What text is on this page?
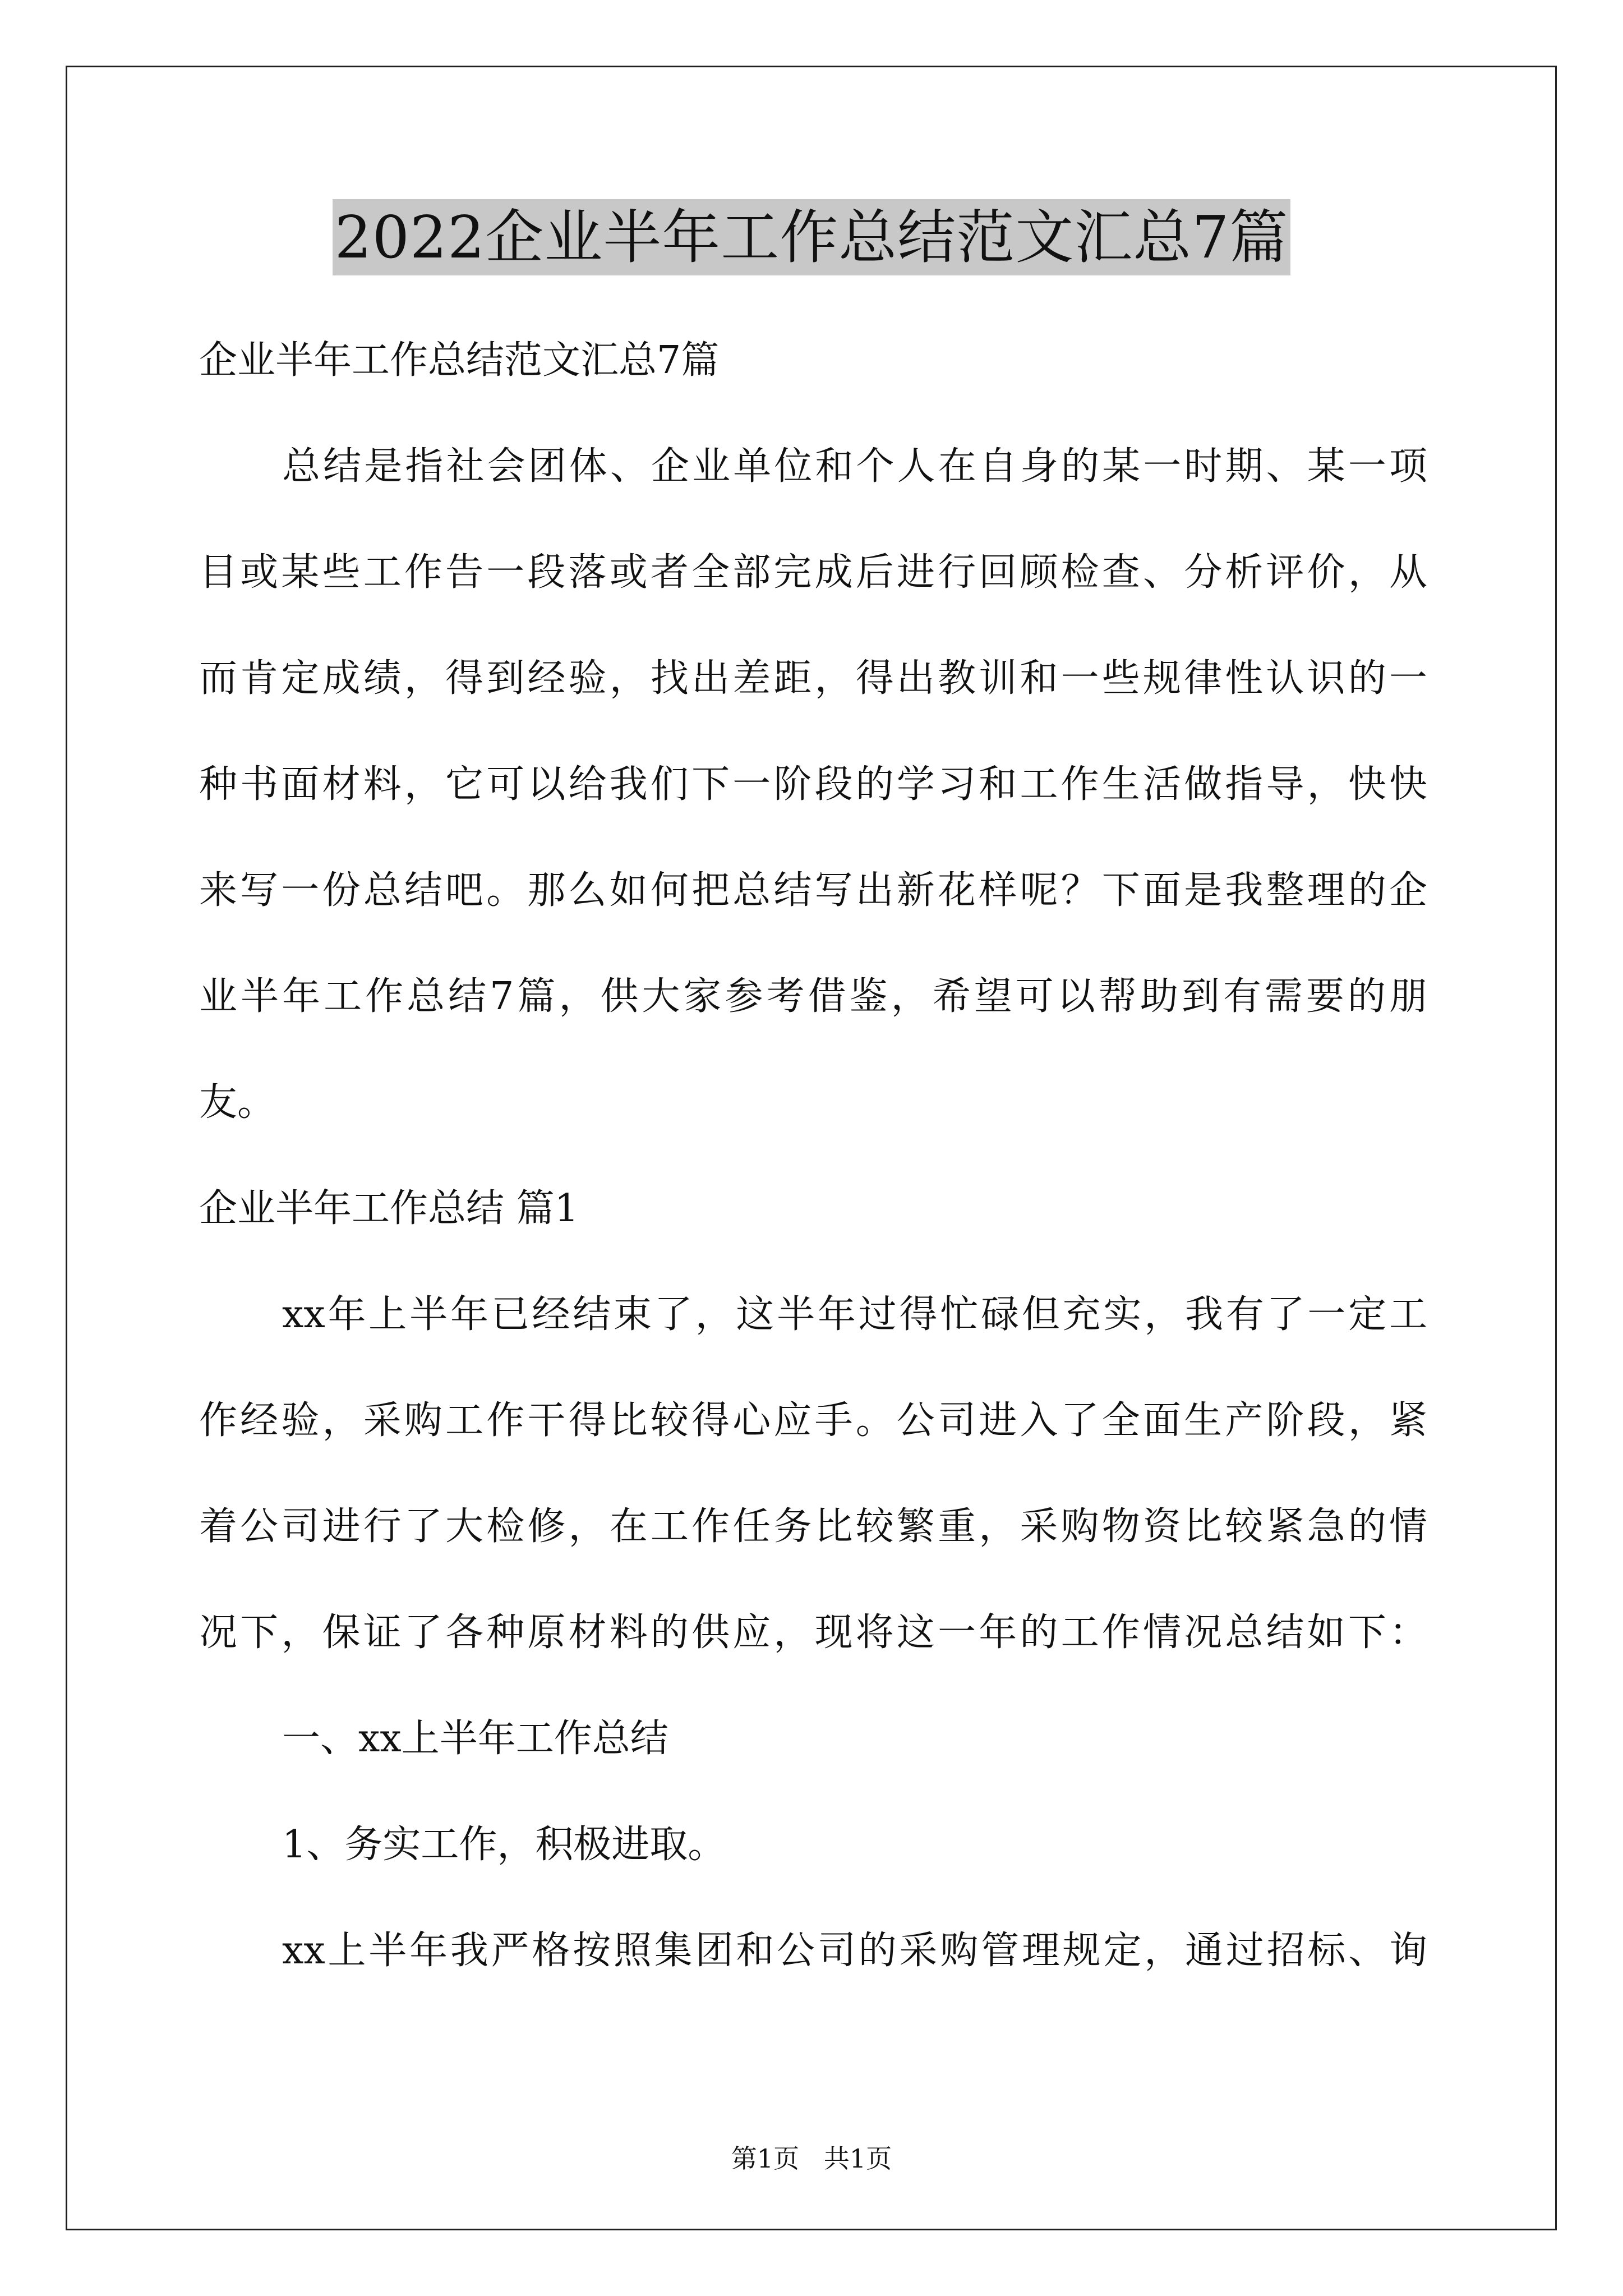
2022企业半年工作总结范文汇总7篇
企业半年工作总结范文汇总7篇
总结是指社会团体、企业单位和个人在自身的某一时期、某一项
目或某些工作告一段落或者全部完成后进行回顾检查、分析评价，从
而肯定成绩，得到经验，找出差距，得出教训和一些规律性认识的一
种书面材料，它可以给我们下一阶段的学习和工作生活做指导，快快
来写一份总结吧。那么如何把总结写出新花样呢？下面是我整理的企
业半年工作总结7篇，供大家参考借鉴，希望可以帮助到有需要的朋
友。
企业半年工作总结 篇1
xx年上半年已经结束了，这半年过得忙碌但充实，我有了一定工
作经验，采购工作干得比较得心应手。公司进入了全面生产阶段，紧
着公司进行了大检修，在工作任务比较繁重，采购物资比较紧急的情
况下，保证了各种原材料的供应，现将这一年的工作情况总结如下：
一、xx上半年工作总结
1、务实工作，积极进取。
xx上半年我严格按照集团和公司的采购管理规定，通过招标、询
第1页   共1页
